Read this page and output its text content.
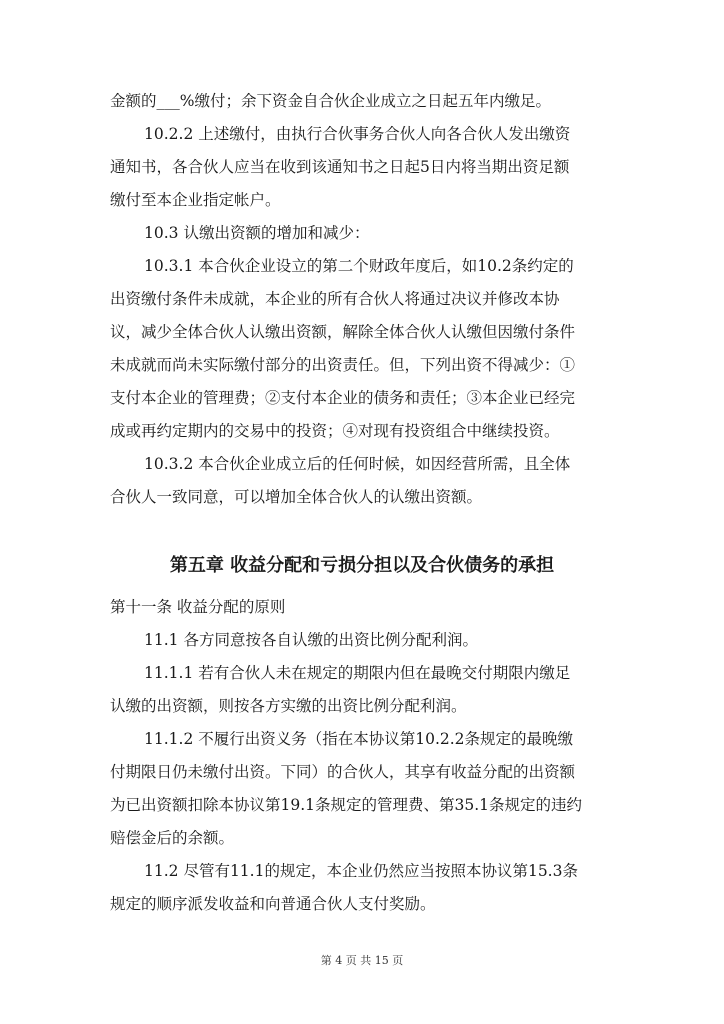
金额的___%缴付；余下资金自合伙企业成立之日起五年内缴足。

10.2.2 上述缴付，由执行合伙事务合伙人向各合伙人发出缴资
通知书，各合伙人应当在收到该通知书之日起5日内将当期出资足额
缴付至本企业指定帐户。

10.3 认缴出资额的增加和减少：

10.3.1 本合伙企业设立的第二个财政年度后，如10.2条约定的
出资缴付条件未成就，本企业的所有合伙人将通过决议并修改本协
议，减少全体合伙人认缴出资额，解除全体合伙人认缴但因缴付条件
未成就而尚未实际缴付部分的出资责任。但，下列出资不得减少：①
支付本企业的管理费；②支付本企业的债务和责任；③本企业已经完
成或再约定期内的交易中的投资；④对现有投资组合中继续投资。

10.3.2 本合伙企业成立后的任何时候，如因经营所需，且全体
合伙人一致同意，可以增加全体合伙人的认缴出资额。

第五章 收益分配和亏损分担以及合伙债务的承担

第十一条 收益分配的原则

11.1 各方同意按各自认缴的出资比例分配利润。

11.1.1 若有合伙人未在规定的期限内但在最晚交付期限内缴足
认缴的出资额，则按各方实缴的出资比例分配利润。

11.1.2 不履行出资义务（指在本协议第10.2.2条规定的最晚缴
付期限日仍未缴付出资。下同）的合伙人，其享有收益分配的出资额
为已出资额扣除本协议第19.1条规定的管理费、第35.1条规定的违约
赔偿金后的余额。

11.2 尽管有11.1的规定，本企业仍然应当按照本协议第15.3条
规定的顺序派发收益和向普通合伙人支付奖励。

第 4 页 共 15 页
